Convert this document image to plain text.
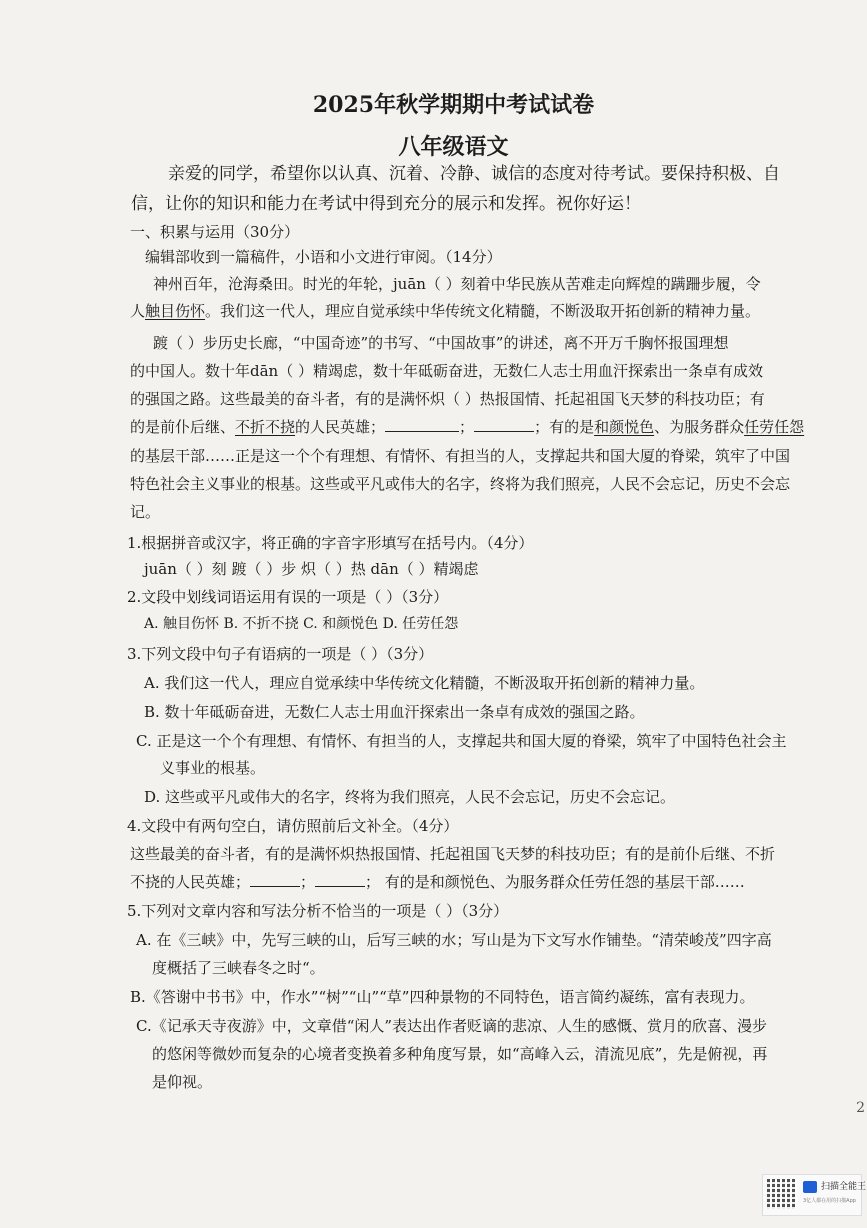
2025年秋学期期中考试试卷
八年级语文
亲爱的同学，希望你以认真、沉着、冷静、诚信的态度对待考试。要保持积极、自
信，让你的知识和能力在考试中得到充分的展示和发挥。祝你好运！
一、积累与运用（30分）
编辑部收到一篇稿件，小语和小文进行审阅。（14分）
神州百年，沧海桑田。时光的年轮，juān（ ）刻着中华民族从苦难走向辉煌的蹒跚步履，令
人触目伤怀。我们这一代人，理应自觉承续中华传统文化精髓，不断汲取开拓创新的精神力量。
踱（ ）步历史长廊，“中国奇迹”的书写、“中国故事”的讲述，离不开万千胸怀报国理想
的中国人。数十年dān（ ）精竭虑，数十年砥砺奋进，无数仁人志士用血汗探索出一条卓有成效
的强国之路。这些最美的奋斗者，有的是满怀炽（ ）热报国情、托起祖国飞天梦的科技功臣；有
的是前仆后继、不折不挠的人民英雄；	；	；有的是和颜悦色、为服务群众任劳任怨
的基层干部……正是这一个个有理想、有情怀、有担当的人，支撑起共和国大厦的脊梁，筑牢了中国
特色社会主义事业的根基。这些或平凡或伟大的名字，终将为我们照亮，人民不会忘记，历史不会忘
记。
1.根据拼音或汉字，将正确的字音字形填写在括号内。（4分）
juān（ ）刻 踱（ ）步 炽（ ）热 dān（ ）精竭虑
2.文段中划线词语运用有误的一项是（ ）（3分）
A. 触目伤怀 B. 不折不挠 C. 和颜悦色 D. 任劳任怨
3.下列文段中句子有语病的一项是（ ）（3分）
A. 我们这一代人，理应自觉承续中华传统文化精髓，不断汲取开拓创新的精神力量。
B. 数十年砥砺奋进，无数仁人志士用血汗探索出一条卓有成效的强国之路。
C. 正是这一个个有理想、有情怀、有担当的人，支撑起共和国大厦的脊梁，筑牢了中国特色社会主
义事业的根基。
D. 这些或平凡或伟大的名字，终将为我们照亮，人民不会忘记，历史不会忘记。
4.文段中有两句空白，请仿照前后文补全。（4分）
这些最美的奋斗者，有的是满怀炽热报国情、托起祖国飞天梦的科技功臣；有的是前仆后继、不折
不挠的人民英雄；	；	； 有的是和颜悦色、为服务群众任劳任怨的基层干部……
5.下列对文章内容和写法分析不恰当的一项是（ ）（3分）
A. 在《三峡》中，先写三峡的山，后写三峡的水；写山是为下文写水作铺垫。“清荣峻茂”四字高
度概括了三峡春冬之时“。
B.《答谢中书书》中，作水”“树”“山”“草”四种景物的不同特色，语言简约凝练，富有表现力。
C.《记承天寺夜游》中，文章借“闲人”表达出作者贬谪的悲凉、人生的感慨、赏月的欣喜、漫步
的悠闲等微妙而复杂的心境者变换着多种角度写景，如“高峰入云，清流见底”，先是俯视，再
是仰视。
2
扫描全能王
3亿人都在用的扫描App
